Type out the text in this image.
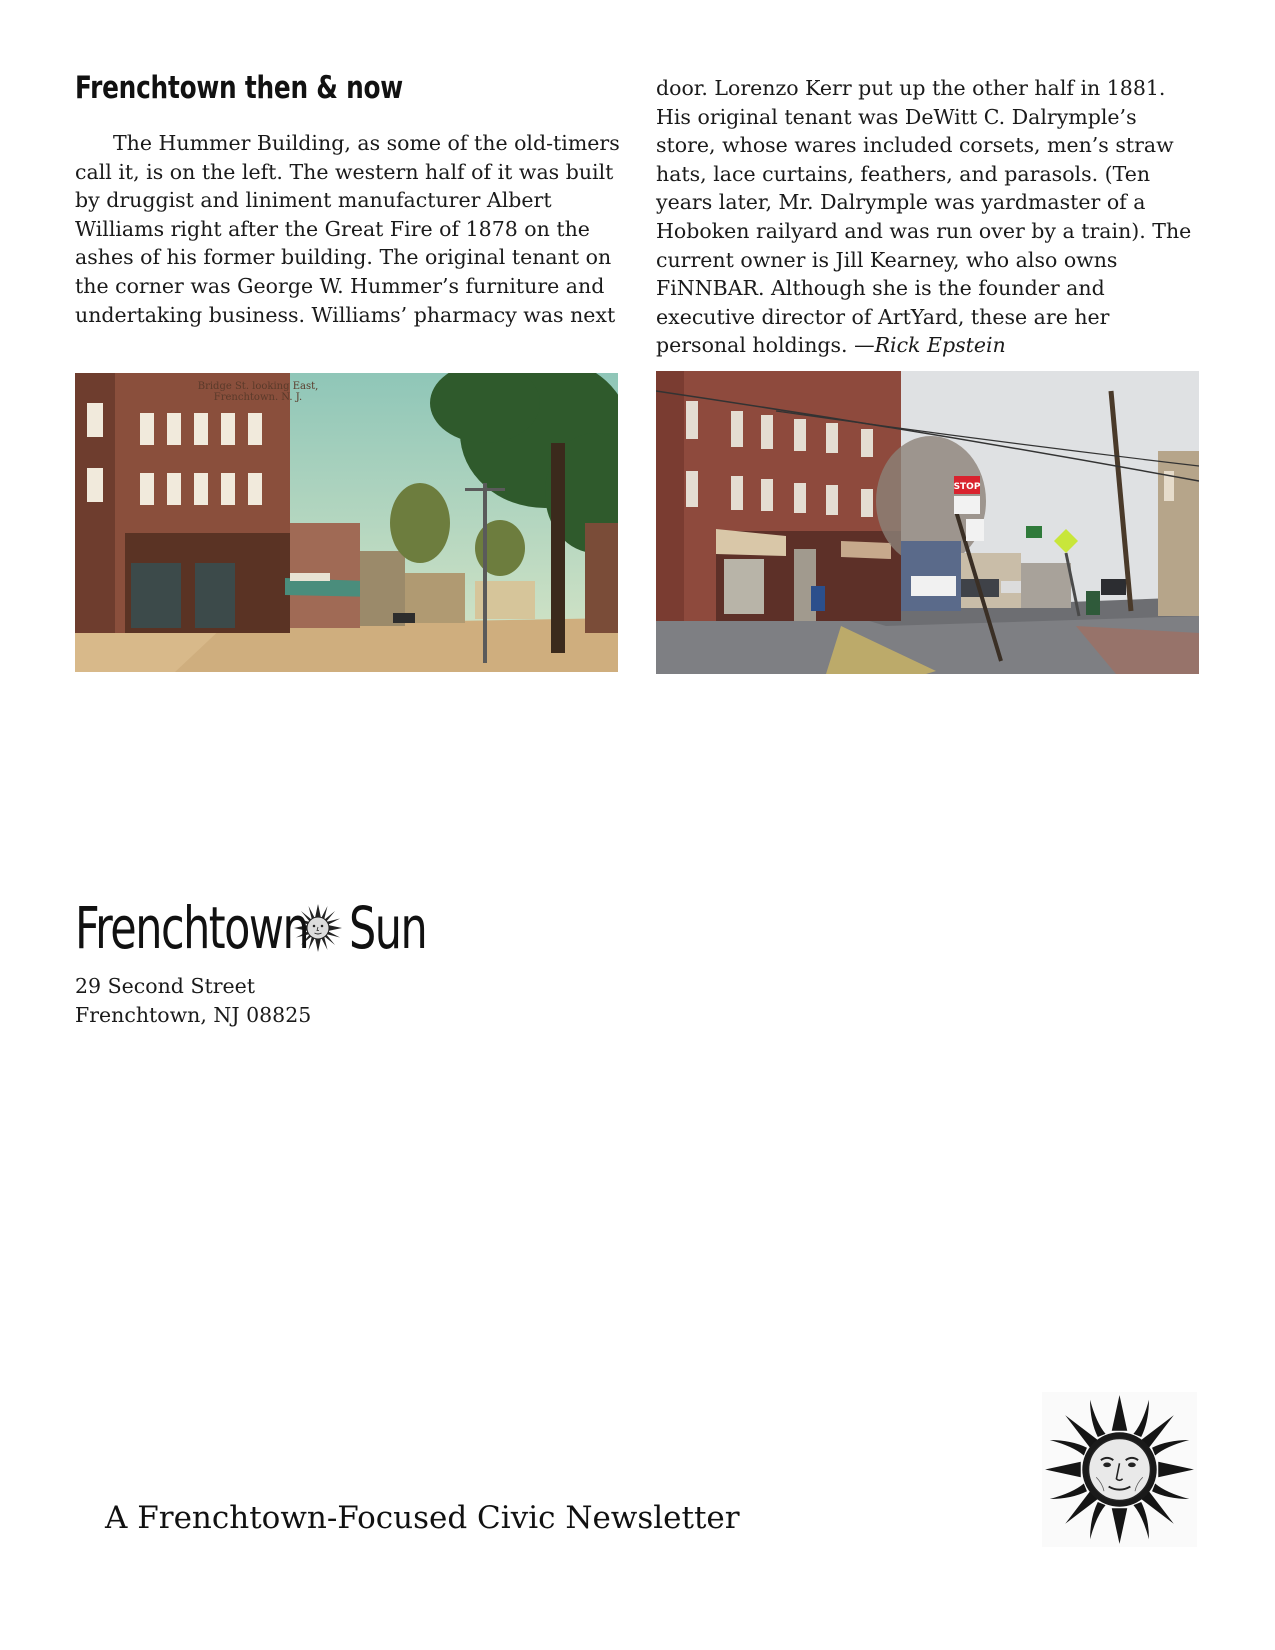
Frenchtown then & now

The Hummer Building, as some of the old-timers call it, is on the left. The western half of it was built by druggist and liniment manufacturer Albert Williams right after the Great Fire of 1878 on the ashes of his former building. The original tenant on the corner was George W. Hummer’s furniture and undertaking business. Williams’ pharmacy was next

door. Lorenzo Kerr put up the other half in 1881. His original tenant was DeWitt C. Dalrymple’s store, whose wares included corsets, men’s straw hats, lace curtains, feathers, and parasols. (Ten years later, Mr. Dalrymple was yardmaster of a Hoboken railyard and was run over by a train). The current owner is Jill Kearney, who also owns FiNNBAR. Although she is the founder and executive director of ArtYard, these are her personal holdings. —Rick Epstein

Bridge St. looking East,
Frenchtown. N. J.
STOP
Frenchtown Sun
29 Second Street
Frenchtown, NJ 08825
A Frenchtown-Focused Civic Newsletter
